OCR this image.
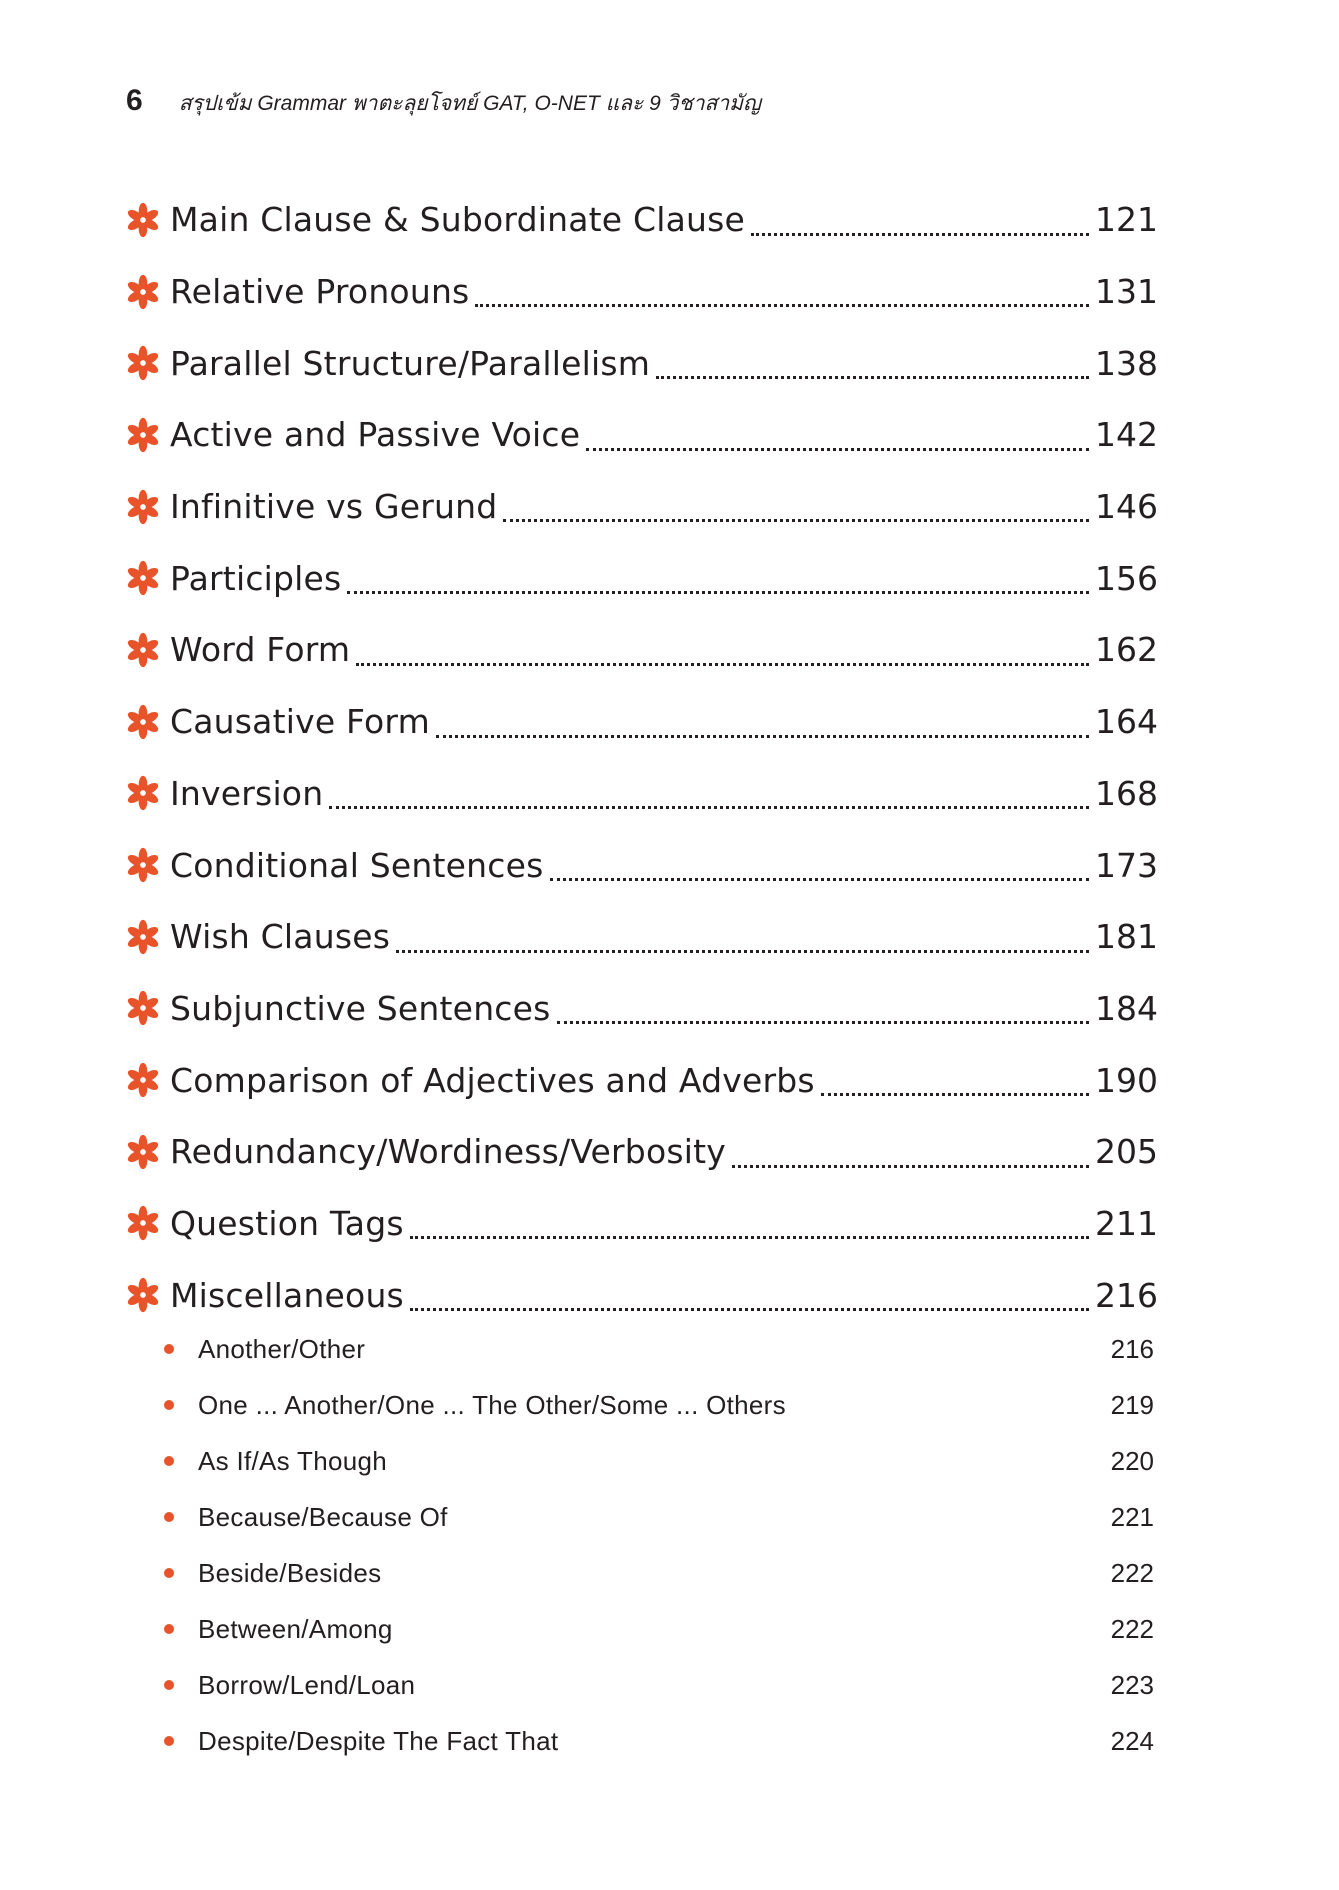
6 สรุปเข้ม Grammar พาตะลุยโจทย์ GAT, O-NET และ 9 วิชาสามัญ
Main Clause & Subordinate Clause	121
Relative Pronouns	131
Parallel Structure/Parallelism	138
Active and Passive Voice	142
Infinitive vs Gerund	146
Participles	156
Word Form	162
Causative Form	164
Inversion	168
Conditional Sentences	173
Wish Clauses	181
Subjunctive Sentences	184
Comparison of Adjectives and Adverbs	190
Redundancy/Wordiness/Verbosity	205
Question Tags	211
Miscellaneous	216
Another/Other	216
One ... Another/One ... The Other/Some ... Others	219
As If/As Though	220
Because/Because Of	221
Beside/Besides	222
Between/Among	222
Borrow/Lend/Loan	223
Despite/Despite The Fact That	224
